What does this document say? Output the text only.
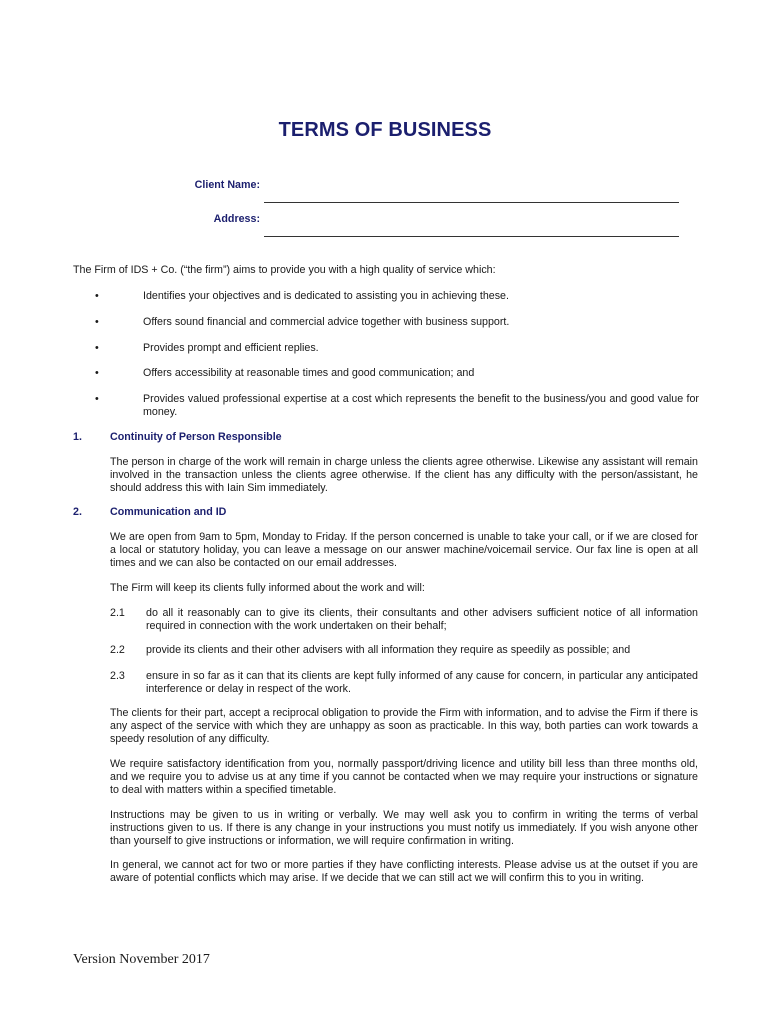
TERMS OF BUSINESS
Client Name:
Address:
The Firm of IDS + Co. (“the firm”) aims to provide you with a high quality of service which:
•	Identifies your objectives and is dedicated to assisting you in achieving these.
•	Offers sound financial and commercial advice together with business support.
•	Provides prompt and efficient replies.
•	Offers accessibility at reasonable times and good communication; and
•	Provides valued professional expertise at a cost which represents the benefit to the business/you and good value for money.
1.	Continuity of Person Responsible
The person in charge of the work will remain in charge unless the clients agree otherwise. Likewise any assistant will remain involved in the transaction unless the clients agree otherwise. If the client has any difficulty with the person/assistant, he should address this with Iain Sim immediately.
2.	Communication and ID
We are open from 9am to 5pm, Monday to Friday. If the person concerned is unable to take your call, or if we are closed for a local or statutory holiday, you can leave a message on our answer machine/voicemail service. Our fax line is open at all times and we can also be contacted on our email addresses.
The Firm will keep its clients fully informed about the work and will:
2.1 do all it reasonably can to give its clients, their consultants and other advisers sufficient notice of all information required in connection with the work undertaken on their behalf;
2.2 provide its clients and their other advisers with all information they require as speedily as possible; and
2.3 ensure in so far as it can that its clients are kept fully informed of any cause for concern, in particular any anticipated interference or delay in respect of the work.
The clients for their part, accept a reciprocal obligation to provide the Firm with information, and to advise the Firm if there is any aspect of the service with which they are unhappy as soon as practicable. In this way, both parties can work towards a speedy resolution of any difficulty.
We require satisfactory identification from you, normally passport/driving licence and utility bill less than three months old, and we require you to advise us at any time if you cannot be contacted when we may require your instructions or signature to deal with matters within a specified timetable.
Instructions may be given to us in writing or verbally. We may well ask you to confirm in writing the terms of verbal instructions given to us. If there is any change in your instructions you must notify us immediately. If you wish anyone other than yourself to give instructions or information, we will require confirmation in writing.
In general, we cannot act for two or more parties if they have conflicting interests. Please advise us at the outset if you are aware of potential conflicts which may arise. If we decide that we can still act we will confirm this to you in writing.
Version November 2017
